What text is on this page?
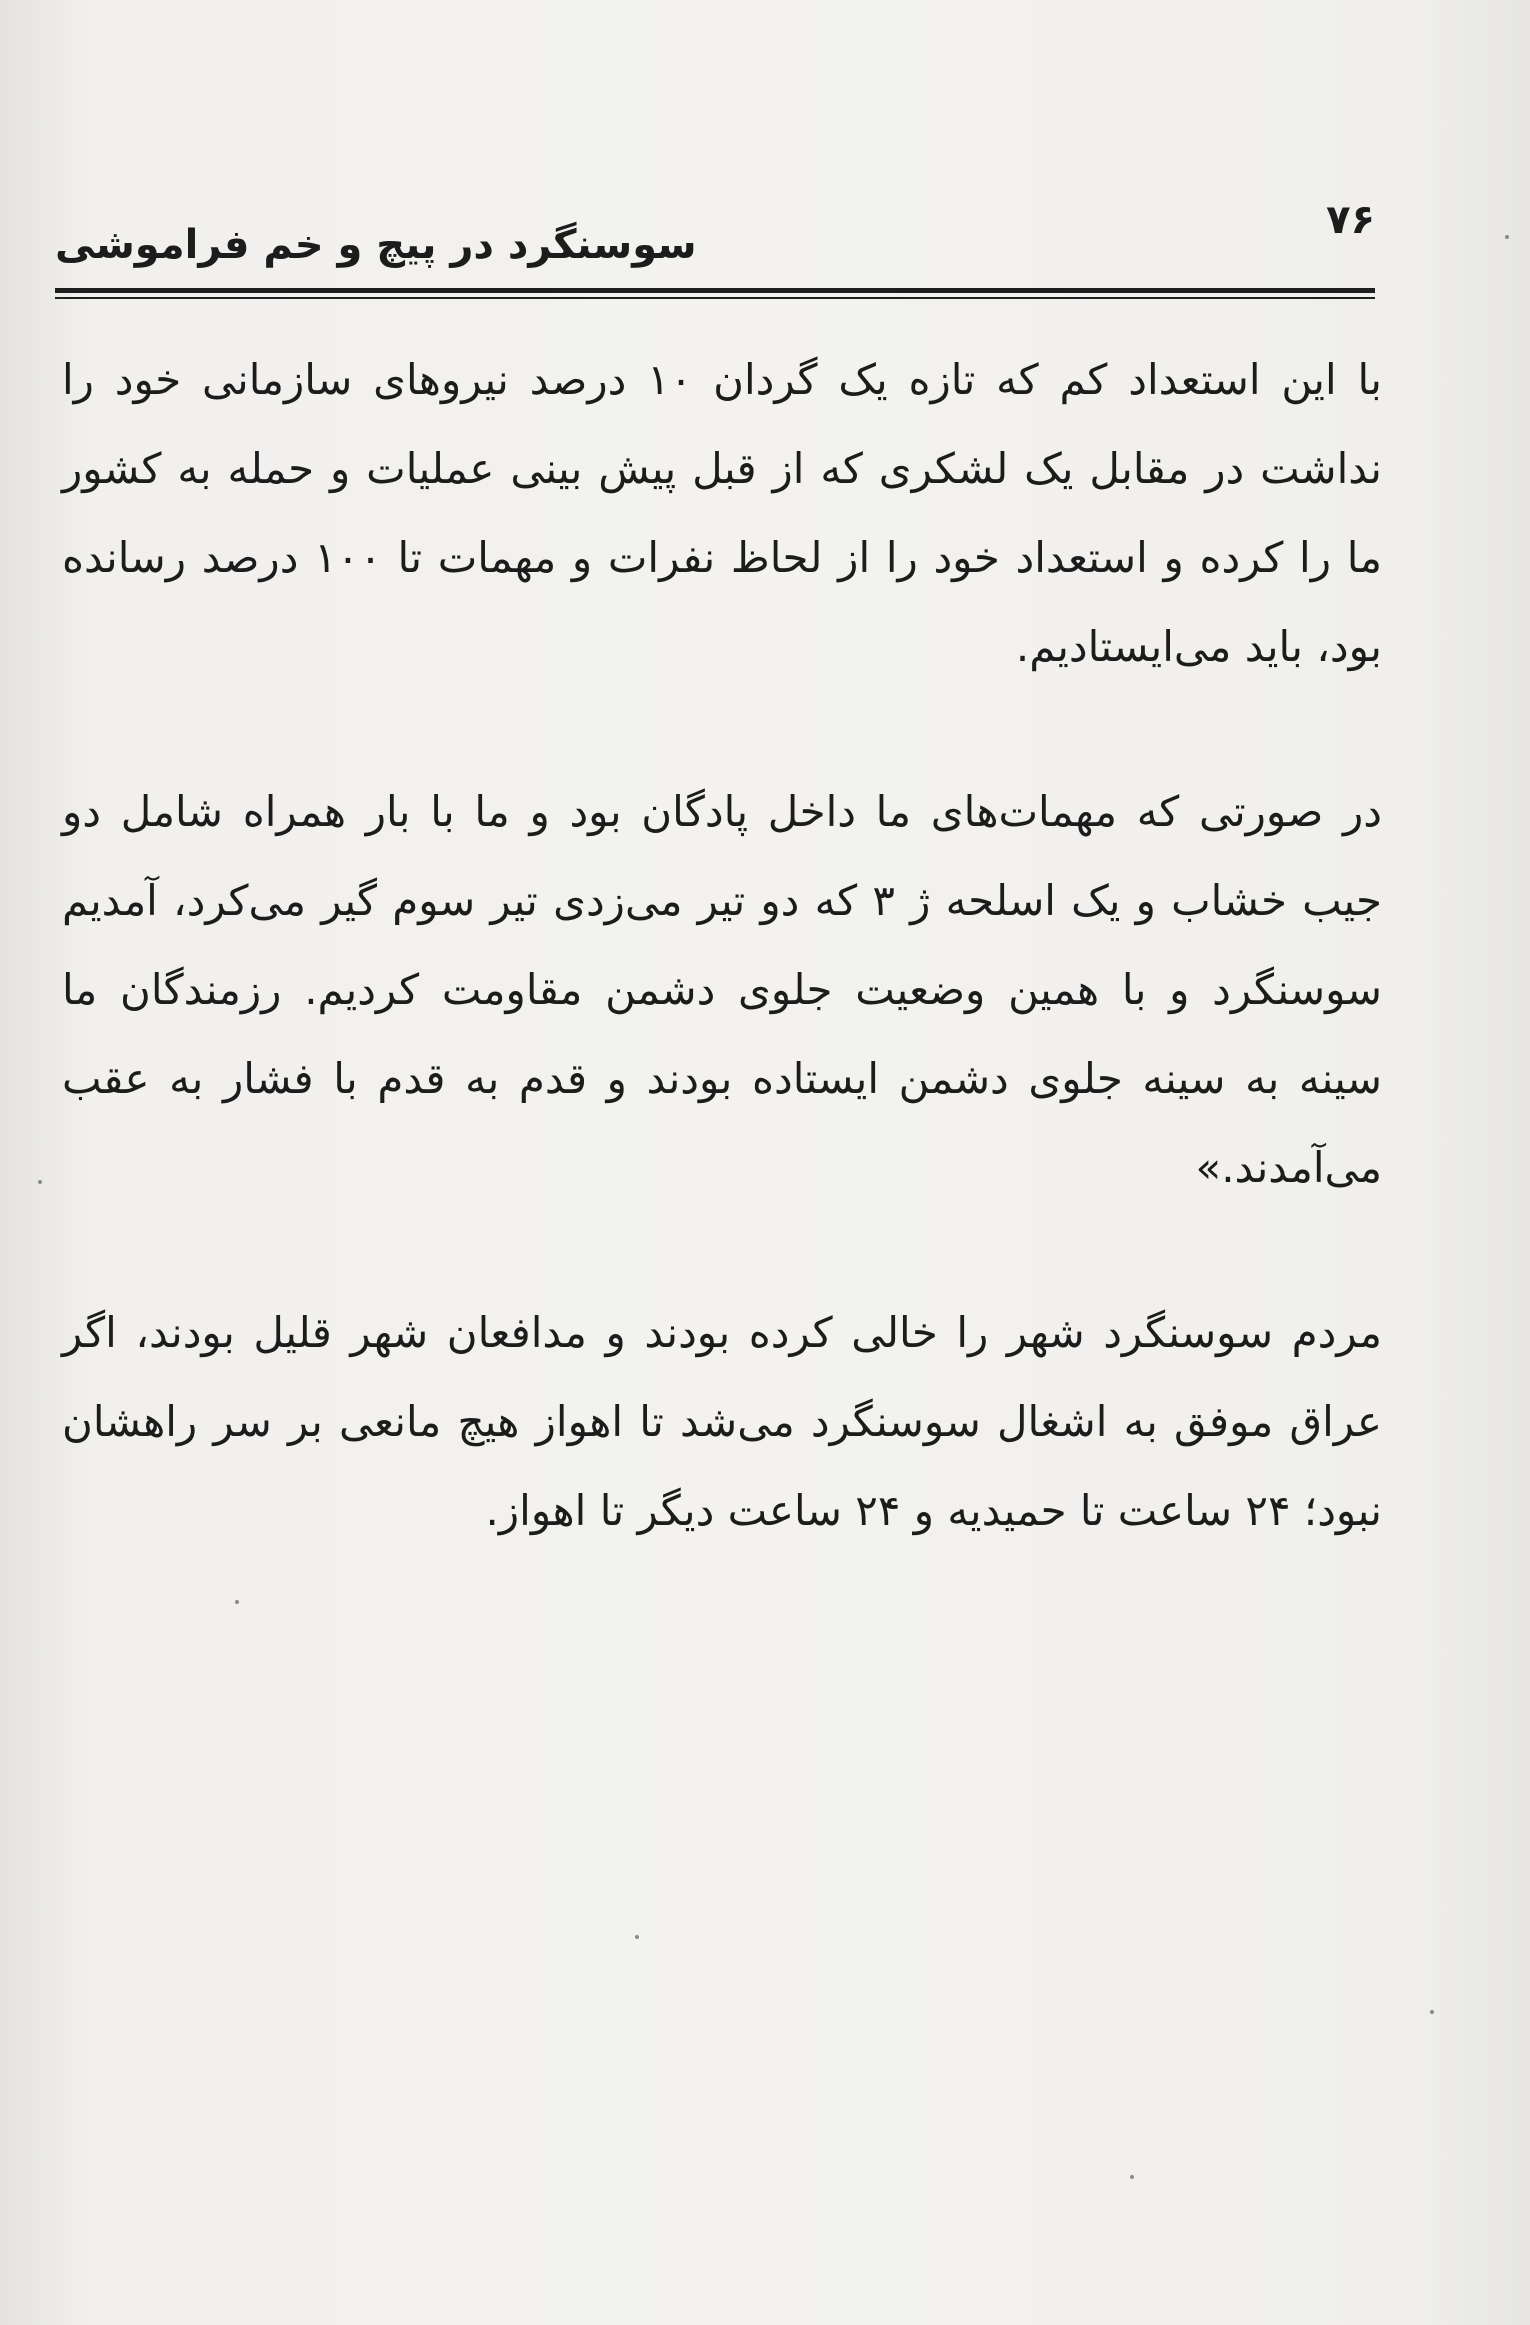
۷۶
سوسنگرد در پیچ و خم فراموشی

با این استعداد کم که تازه یک گردان ۱۰ درصد نیروهای سازمانی خود را نداشت در مقابل یک لشکری که از قبل پیش بینی عملیات و حمله به کشور ما را کرده و استعداد خود را از لحاظ نفرات و مهمات تا ۱۰۰ درصد رسانده بود، باید می‌ایستادیم.

در صورتی که مهمات‌های ما داخل پادگان بود و ما با بار همراه شامل دو جیب خشاب و یک اسلحه ژ ۳ که دو تیر می‌زدی تیر سوم گیر می‌کرد، آمدیم سوسنگرد و با همین وضعیت جلوی دشمن مقاومت کردیم. رزمندگان ما سینه به سینه جلوی دشمن ایستاده بودند و قدم به قدم با فشار به عقب می‌آمدند.»

مردم سوسنگرد شهر را خالی کرده بودند و مدافعان شهر قلیل بودند، اگر عراق موفق به اشغال سوسنگرد می‌شد تا اهواز هیچ مانعی بر سر راهشان نبود؛ ۲۴ ساعت تا حمیدیه و ۲۴ ساعت دیگر تا اهواز.
